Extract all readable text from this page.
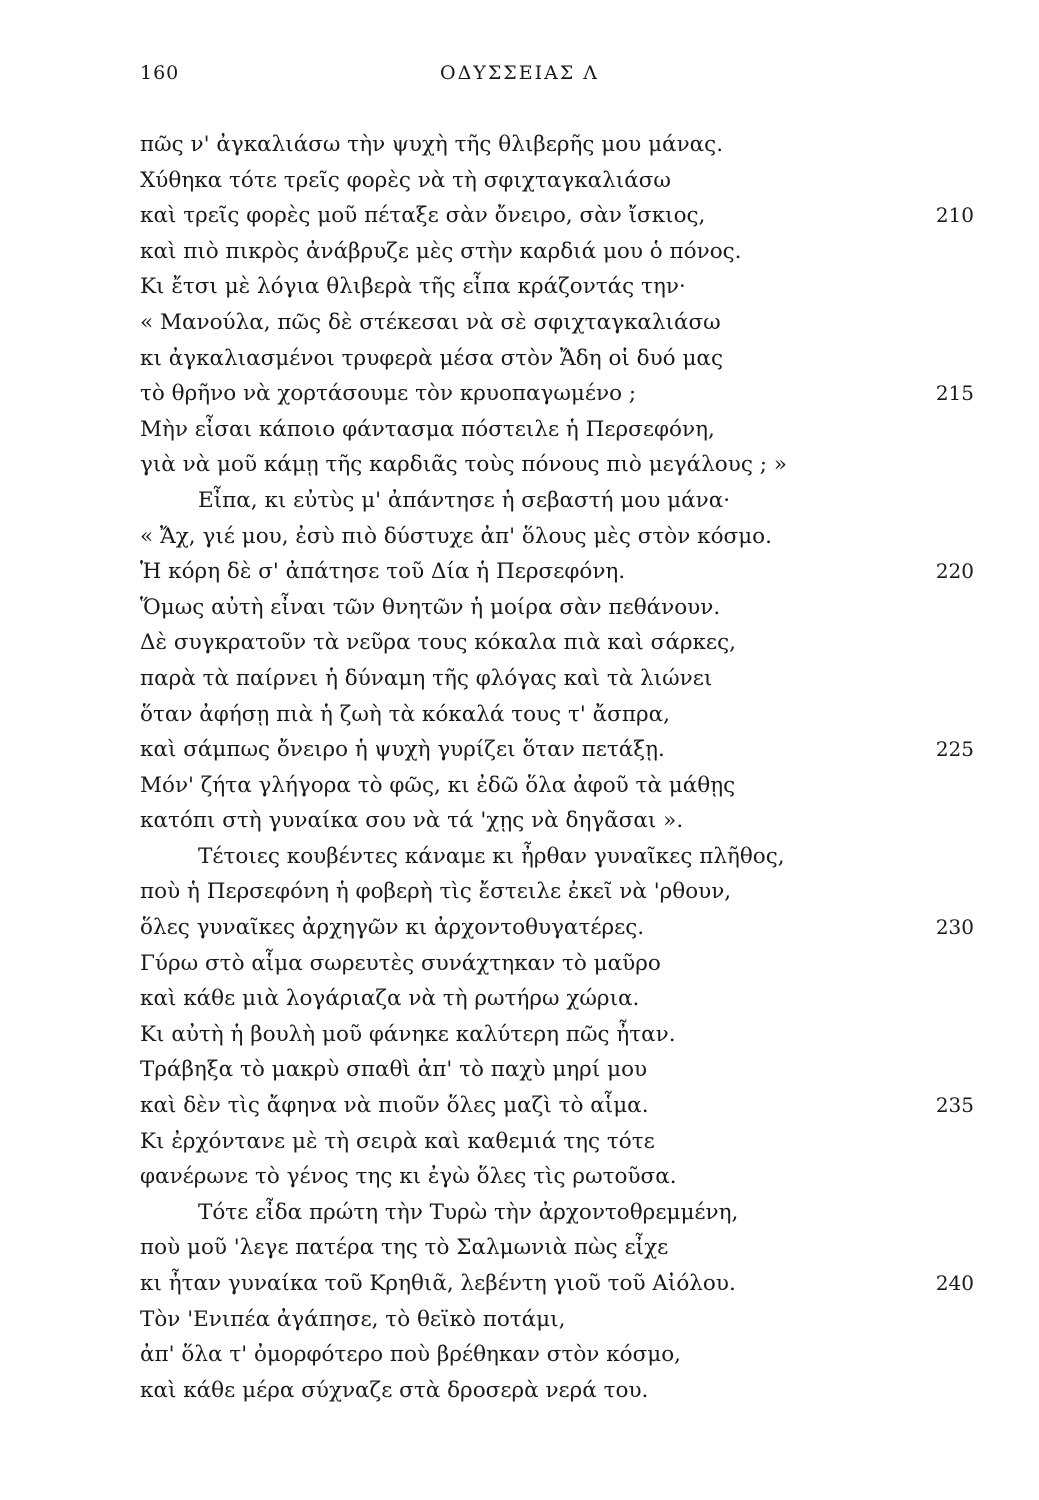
160	ΟΔΥΣΣΕΙΑΣ Λ
πῶς ν' ἀγκαλιάσω τὴν ψυχὴ τῆς θλιβερῆς μου μάνας.
Χύθηκα τότε τρεῖς φορὲς νὰ τὴ σφιχταγκαλιάσω
καὶ τρεῖς φορὲς μοῦ πέταξε σὰν ὄνειρο, σὰν ἴσκιος,	210
καὶ πιὸ πικρὸς ἀνάβρυζε μὲς στὴν καρδιά μου ὁ πόνος.
Κι ἔτσι μὲ λόγια θλιβερὰ τῆς εἶπα κράζοντάς την·
« Μανούλα, πῶς δὲ στέκεσαι νὰ σὲ σφιχταγκαλιάσω
κι ἀγκαλιασμένοι τρυφερὰ μέσα στὸν Ἄδη οἱ δυό μας
τὸ θρῆνο νὰ χορτάσουμε τὸν κρυοπαγωμένο ;	215
Μὴν εἶσαι κάποιο φάντασμα πόστειλε ἡ Περσεφόνη,
γιὰ νὰ μοῦ κάμῃ τῆς καρδιᾶς τοὺς πόνους πιὸ μεγάλους ; »
Εἶπα, κι εὐτὺς μ' ἀπάντησε ἡ σεβαστή μου μάνα·
« Ἄχ, γιέ μου, ἐσὺ πιὸ δύστυχε ἀπ' ὅλους μὲς στὸν κόσμο.
Ἡ κόρη δὲ σ' ἀπάτησε τοῦ Δία ἡ Περσεφόνη.	220
Ὅμως αὐτὴ εἶναι τῶν θνητῶν ἡ μοίρα σὰν πεθάνουν.
Δὲ συγκρατοῦν τὰ νεῦρα τους κόκαλα πιὰ καὶ σάρκες,
παρὰ τὰ παίρνει ἡ δύναμη τῆς φλόγας καὶ τὰ λιώνει
ὅταν ἀφήσῃ πιὰ ἡ ζωὴ τὰ κόκαλά τους τ' ἄσπρα,
καὶ σάμπως ὄνειρο ἡ ψυχὴ γυρίζει ὅταν πετάξῃ.	225
Μόν' ζήτα γλήγορα τὸ φῶς, κι ἐδῶ ὅλα ἀφοῦ τὰ μάθῃς
κατόπι στὴ γυναίκα σου νὰ τά 'χῃς νὰ δηγᾶσαι ».
Τέτοιες κουβέντες κάναμε κι ἦρθαν γυναῖκες πλῆθος,
ποὺ ἡ Περσεφόνη ἡ φοβερὴ τὶς ἔστειλε ἐκεῖ νὰ 'ρθουν,
ὅλες γυναῖκες ἀρχηγῶν κι ἀρχοντοθυγατέρες.	230
Γύρω στὸ αἷμα σωρευτὲς συνάχτηκαν τὸ μαῦρο
καὶ κάθε μιὰ λογάριαζα νὰ τὴ ρωτήρω χώρια.
Κι αὐτὴ ἡ βουλὴ μοῦ φάνηκε καλύτερη πῶς ἦταν.
Τράβηξα τὸ μακρὺ σπαθὶ ἀπ' τὸ παχὺ μηρί μου
καὶ δὲν τὶς ἄφηνα νὰ πιοῦν ὅλες μαζὶ τὸ αἷμα.	235
Κι ἐρχόντανε μὲ τὴ σειρὰ καὶ καθεμιά της τότε
φανέρωνε τὸ γένος της κι ἐγὼ ὅλες τὶς ρωτοῦσα.
Τότε εἶδα πρώτη τὴν Τυρὼ τὴν ἀρχοντοθρεμμένη,
ποὺ μοῦ 'λεγε πατέρα της τὸ Σαλμωνιὰ πὼς εἶχε
κι ἦταν γυναίκα τοῦ Κρηθιᾶ, λεβέντη γιοῦ τοῦ Αἰόλου.	240
Τὸν 'Ενιπέα ἀγάπησε, τὸ θεϊκὸ ποτάμι,
ἀπ' ὅλα τ' ὀμορφότερο ποὺ βρέθηκαν στὸν κόσμο,
καὶ κάθε μέρα σύχναζε στὰ δροσερὰ νερά του.
